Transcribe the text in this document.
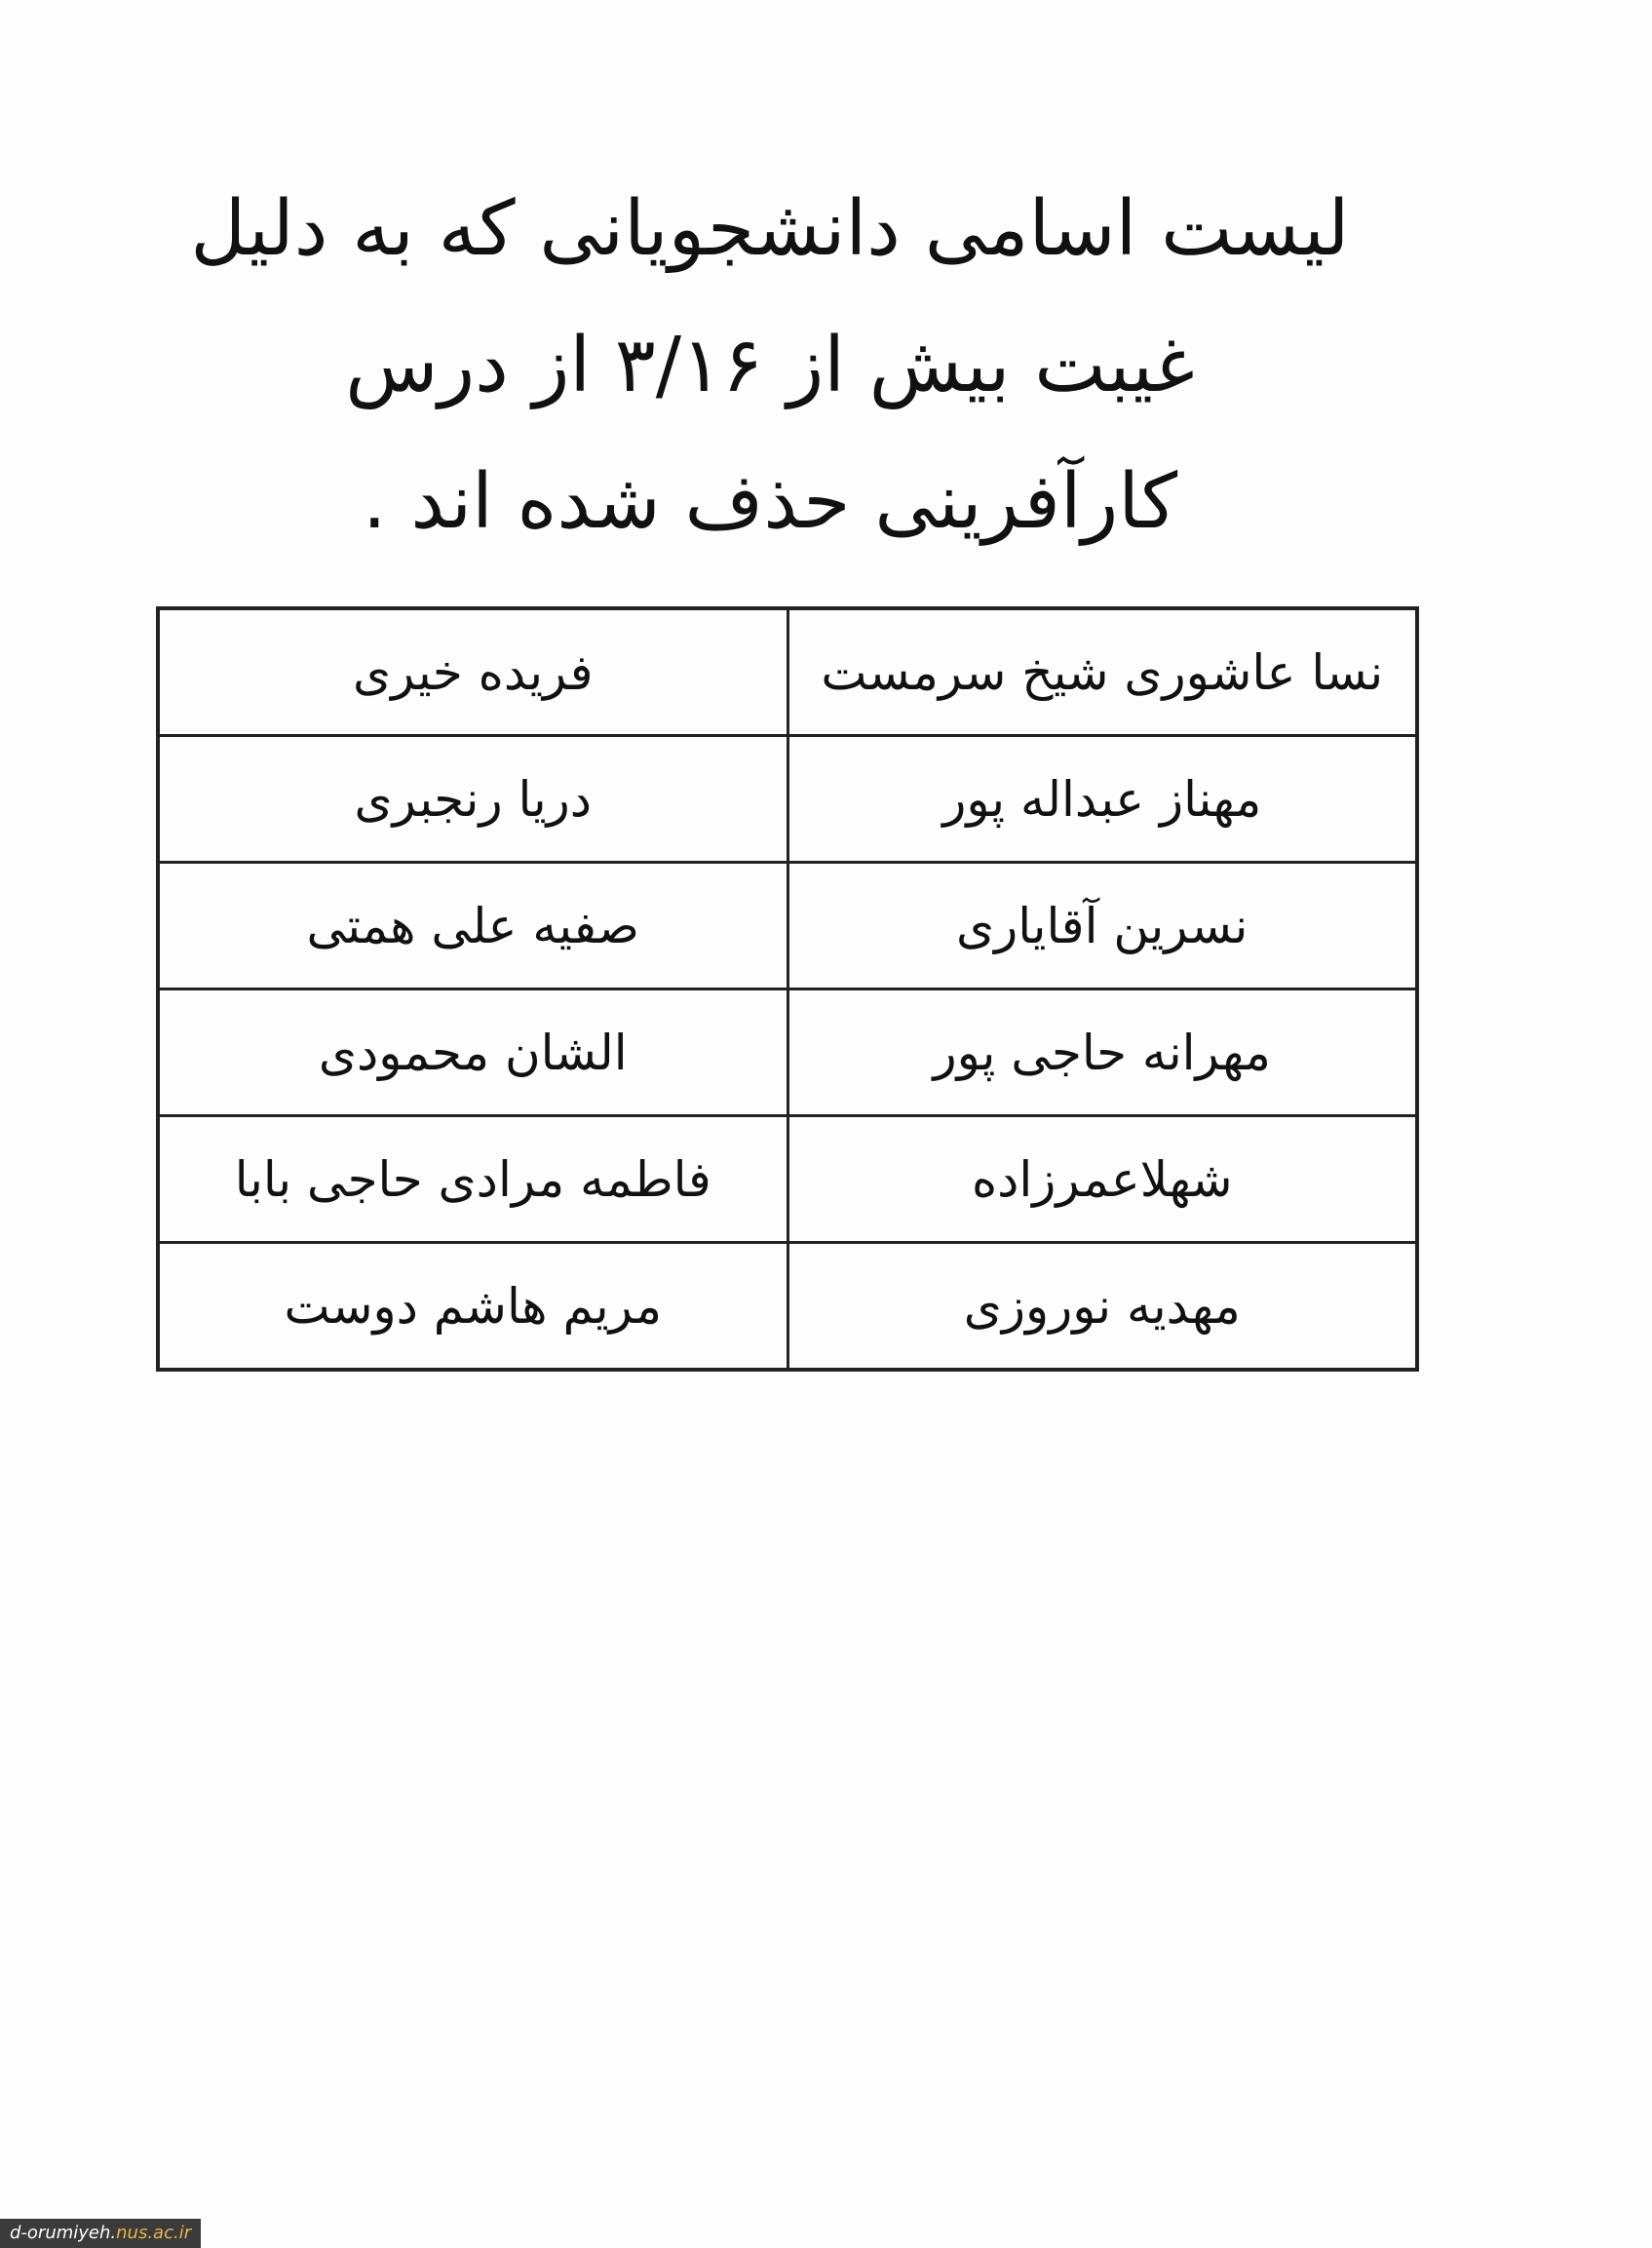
لیست اسامی دانشجویانی که به دلیل
غیبت بیش از ۳/۱۶ از درس
کارآفرینی حذف شده اند .
نسا عاشوری شیخ سرمست	فریده خیری
مهناز عبداله پور	دریا رنجبری
نسرین آقایاری	صفیه علی همتی
مهرانه حاجی پور	الشان محمودی
شهلاعمرزاده	فاطمه مرادی حاجی بابا
مهدیه نوروزی	مریم هاشم دوست
d-orumiyeh.nus.ac.ir
